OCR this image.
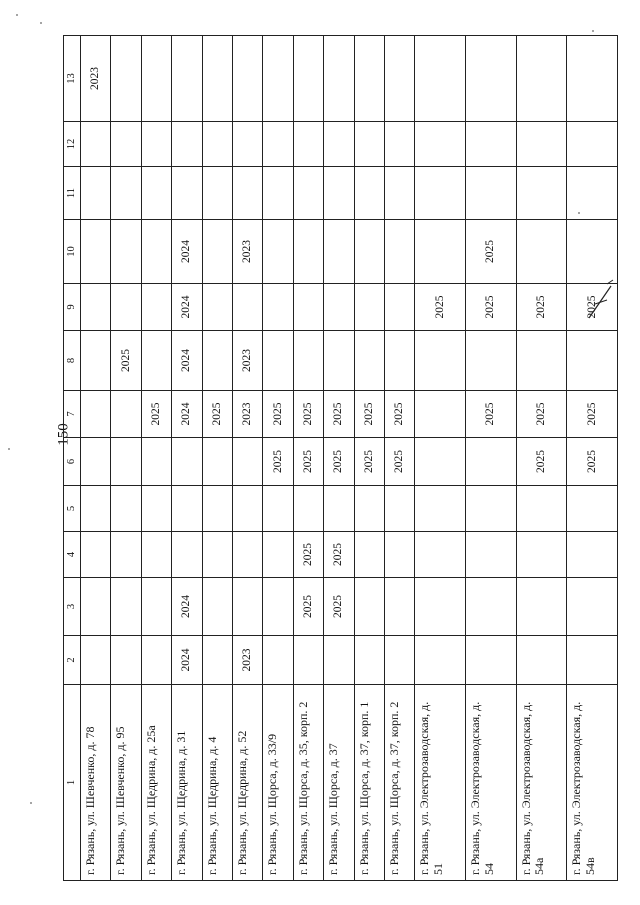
150
1	2	3	4	5	6	7	8	9	10	11	12	13
г. Рязань, ул. Шевченко, д. 78												2023
г. Рязань, ул. Шевченко, д. 95							2025					
г. Рязань, ул. Щедрина, д. 25а						2025						
г. Рязань, ул. Щедрина, д. 31	2024	2024				2024	2024	2024	2024			
г. Рязань, ул. Щедрина, д. 4						2025						
г. Рязань, ул. Щедрина, д. 52	2023					2023	2023		2023			
г. Рязань, ул. Щорса, д. 33/9					2025	2025						
г. Рязань, ул. Щорса, д. 35, корп. 2		2025	2025		2025	2025						
г. Рязань, ул. Щорса, д. 37		2025	2025		2025	2025						
г. Рязань, ул. Щорса, д. 37, корп. 1					2025	2025						
г. Рязань, ул. Щорса, д. 37, корп. 2					2025	2025						
г. Рязань, ул. Электрозаводская, д. 51								2025				
г. Рязань, ул. Электрозаводская, д. 54						2025		2025	2025			
г. Рязань, ул. Электрозаводская, д. 54а					2025	2025		2025				
г. Рязань, ул. Электрозаводская, д. 54в					2025	2025		2025				
